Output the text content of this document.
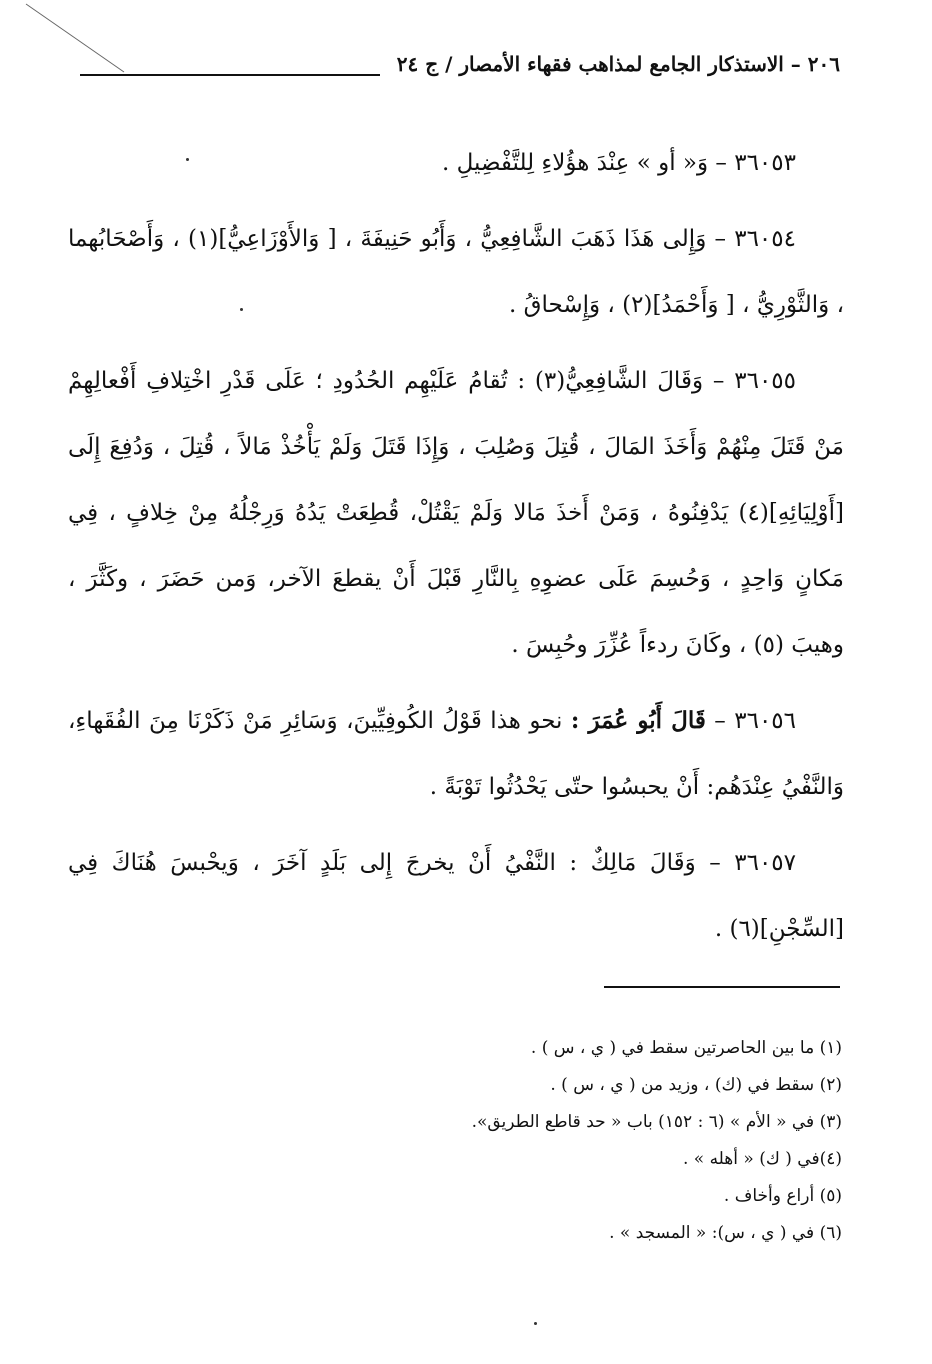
٢٠٦ – الاستذكار الجامع لمذاهب فقهاء الأمصار / ج ٢٤

٣٦٠٥٣ – وَ« أو » عِنْدَ هؤُلاءِ لِلتَّفْضِيلِ .

٣٦٠٥٤ – وَإِلى هَذَا ذَهَبَ الشَّافِعِيُّ ، وَأَبُو حَنِيفَةَ ، [ وَالأَوْزَاعِيُّ](١) ، وَأَصْحَابُهما ، وَالثَّوْرِيُّ ، [ وَأَحْمَدُ](٢) ، وَإِسْحاقُ .

٣٦٠٥٥ – وَقَالَ الشَّافِعِيُّ(٣) : تُقامُ عَلَيْهِم الحُدُودِ ؛ عَلَى قَدْرِ اخْتِلافِ أَفْعالِهِمْ مَنْ قَتَلَ مِنْهُمْ وَأَخَذَ المَالَ ، قُتِلَ وَصُلِبَ ، وَإِذَا قَتَلَ وَلَمْ يَأْخُذْ مَالاً ، قُتِلَ ، وَدُفِعَ إِلَى [أَوْلِيَائِهِ](٤) يَدْفِنُوهُ ، وَمَنْ أَخذَ مَالا وَلَمْ يَقْتُلْ، قُطِعَتْ يَدُهُ وَرِجْلُهُ مِنْ خِلافٍ ، فِي مَكانٍ وَاحِدٍ ، وَحُسِمَ عَلَى عضوِهِ بِالنَّارِ قَبْلَ أَنْ يقطعَ الآخر، وَمن حَضَرَ ، وكَثَّرَ ، وهيبَ (٥) ، وكَانَ ردءاً عُزِّرَ وحُبِسَ .

٣٦٠٥٦ – قَالَ أَبُو عُمَرَ : نحو هذا قَوْلُ الكُوفِيِّينَ، وَسَائِرِ مَنْ ذَكَرْنَا مِنَ الفُقَهاءِ، وَالنَّفْيُ عِنْدَهُم: أَنْ يحبسُوا حتّى يَحْدُثُوا تَوْبَةً .

٣٦٠٥٧ – وَقَالَ مَالِكٌ : النَّفْيُ أَنْ يخرجَ إِلى بَلَدٍ آخَرَ ، وَيحْبسَ هُنَاكَ فِي [السِّجْنِ](٦) .

(١) ما بين الحاصرتين سقط في ( ي ، س ) .
(٢) سقط في (ك) ، وزيد من ( ي ، س ) .
(٣) في « الأم » (٦ : ١٥٢) باب « حد قاطع الطريق».
(٤)في ( ك) « أهله » .
(٥) أراع وأخاف .
(٦) في ( ي ، س): « المسجد » .
